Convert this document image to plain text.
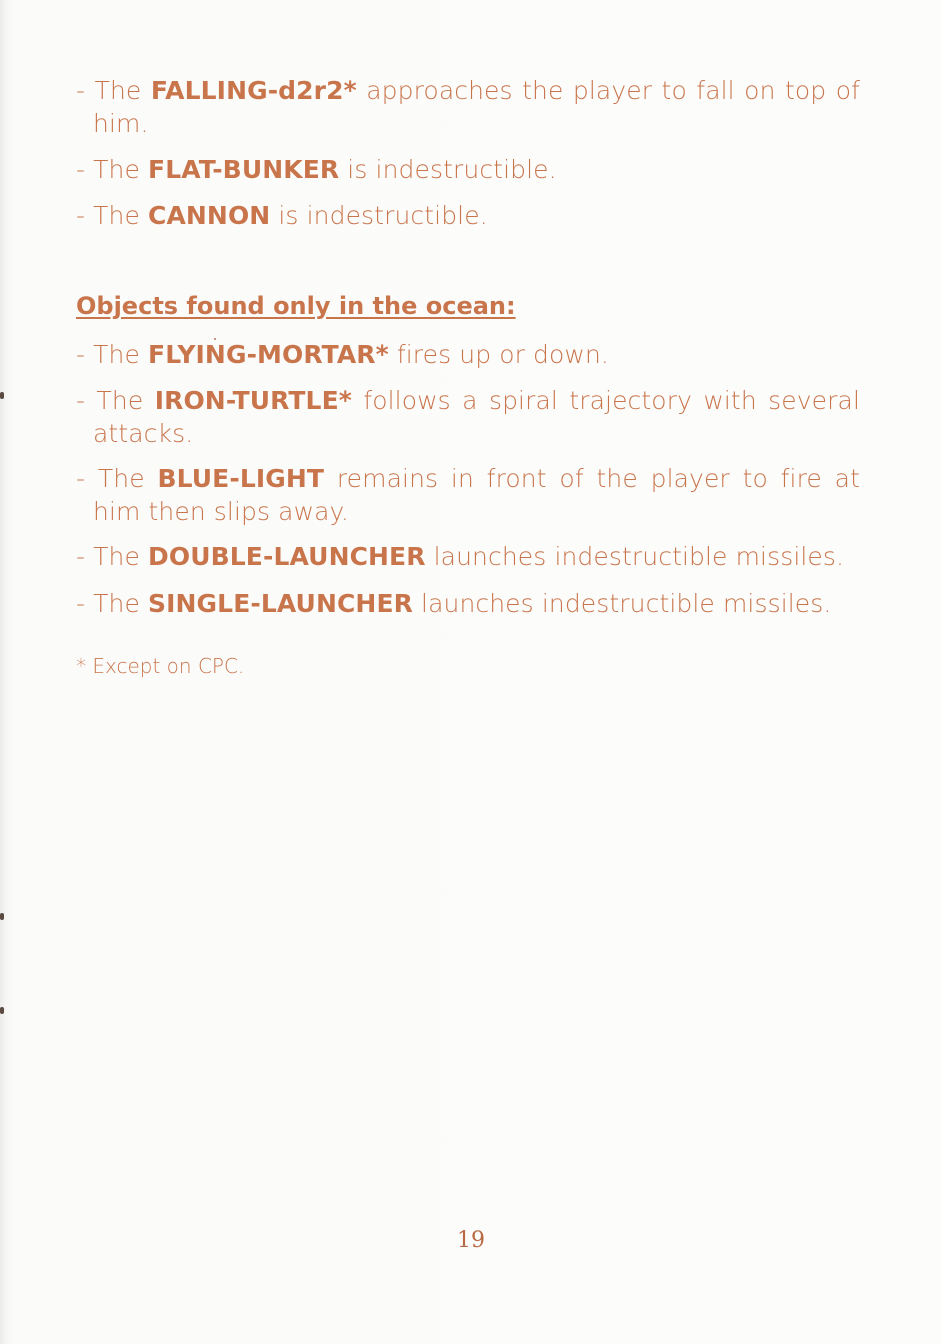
- The FALLING-d2r2* approaches the player to fall on top of him.
- The FLAT-BUNKER is indestructible.
- The CANNON is indestructible.
Objects found only in the ocean:
- The FLYING-MORTAR* fires up or down.
- The IRON-TURTLE* follows a spiral trajectory with several attacks.
- The BLUE-LIGHT remains in front of the player to fire at him then slips away.
- The DOUBLE-LAUNCHER launches indestructible missiles.
- The SINGLE-LAUNCHER launches indestructible missiles.
* Except on CPC.
19
